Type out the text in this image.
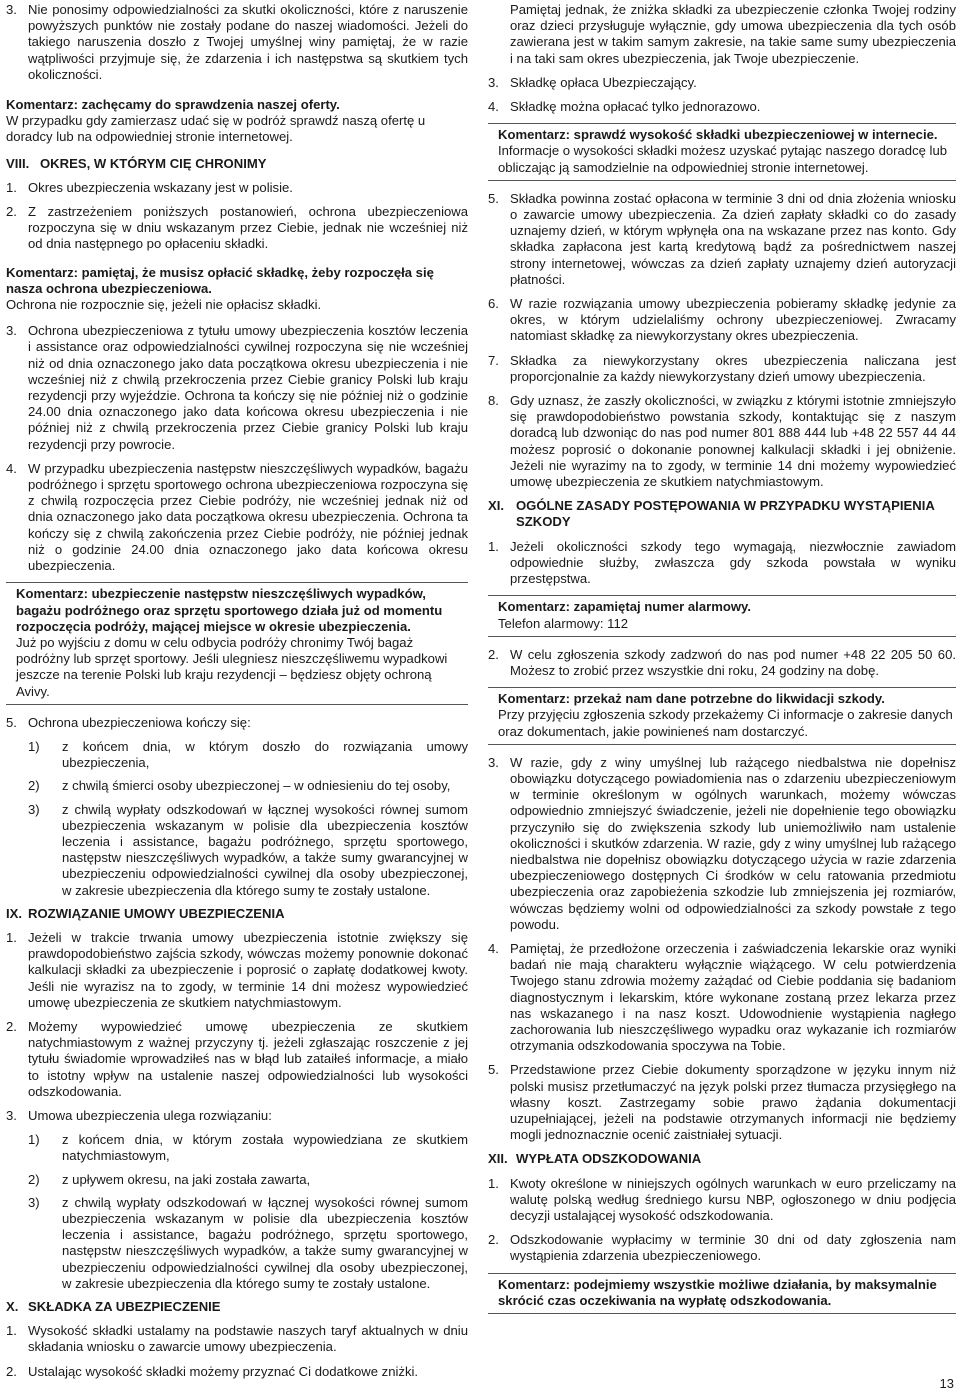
3. Nie ponosimy odpowiedzialności za skutki okoliczności, które z naruszenie powyższych punktów nie zostały podane do naszej wiadomości. Jeżeli do takiego naruszenia doszło z Twojej umyślnej winy pamiętaj, że w razie wątpliwości przyjmuje się, że zdarzenia i ich następstwa są skutkiem tych okoliczności.
Komentarz: zachęcamy do sprawdzenia naszej oferty.
W przypadku gdy zamierzasz udać się w podróż sprawdź naszą ofertę u doradcy lub na odpowiedniej stronie internetowej.
VIII. OKRES, W KTÓRYM CIĘ CHRONIMY
1. Okres ubezpieczenia wskazany jest w polisie.
2. Z zastrzeżeniem poniższych postanowień, ochrona ubezpieczeniowa rozpoczyna się w dniu wskazanym przez Ciebie, jednak nie wcześniej niż od dnia następnego po opłaceniu składki.
Komentarz: pamiętaj, że musisz opłacić składkę, żeby rozpoczęła się nasza ochrona ubezpieczeniowa.
Ochrona nie rozpocznie się, jeżeli nie opłacisz składki.
3. Ochrona ubezpieczeniowa z tytułu umowy ubezpieczenia kosztów leczenia i assistance oraz odpowiedzialności cywilnej rozpoczyna się nie wcześniej niż od dnia oznaczonego jako data początkowa okresu ubezpieczenia i nie wcześniej niż z chwilą przekroczenia przez Ciebie granicy Polski lub kraju rezydencji przy wyjeździe. Ochrona ta kończy się nie później niż o godzinie 24.00 dnia oznaczonego jako data końcowa okresu ubezpieczenia i nie później niż z chwilą przekroczenia przez Ciebie granicy Polski lub kraju rezydencji przy powrocie.
4. W przypadku ubezpieczenia następstw nieszczęśliwych wypadków, bagażu podróżnego i sprzętu sportowego ochrona ubezpieczeniowa rozpoczyna się z chwilą rozpoczęcia przez Ciebie podróży, nie wcześniej jednak niż od dnia oznaczonego jako data początkowa okresu ubezpieczenia. Ochrona ta kończy się z chwilą zakończenia przez Ciebie podróży, nie później jednak niż o godzinie 24.00 dnia oznaczonego jako data końcowa okresu ubezpieczenia.
Komentarz: ubezpieczenie następstw nieszczęśliwych wypadków, bagażu podróżnego oraz sprzętu sportowego działa już od momentu rozpoczęcia podróży, mającej miejsce w okresie ubezpieczenia.
Już po wyjściu z domu w celu odbycia podróży chronimy Twój bagaż podróżny lub sprzęt sportowy. Jeśli ulegniesz nieszczęśliwemu wypadkowi jeszcze na terenie Polski lub kraju rezydencji – będziesz objęty ochroną Avivy.
5. Ochrona ubezpieczeniowa kończy się:
1)	z końcem dnia, w którym doszło do rozwiązania umowy ubezpieczenia,
2)	z chwilą śmierci osoby ubezpieczonej – w odniesieniu do tej osoby,
3)	z chwilą wypłaty odszkodowań w łącznej wysokości równej sumom ubezpieczenia wskazanym w polisie dla ubezpieczenia kosztów leczenia i assistance, bagażu podróżnego, sprzętu sportowego, następstw nieszczęśliwych wypadków, a także sumy gwarancyjnej w ubezpieczeniu odpowiedzialności cywilnej dla osoby ubezpieczonej, w zakresie ubezpieczenia dla którego sumy te zostały ustalone.
IX. ROZWIĄZANIE UMOWY UBEZPIECZENIA
1. Jeżeli w trakcie trwania umowy ubezpieczenia istotnie zwiększy się prawdopodobieństwo zajścia szkody, wówczas możemy ponownie dokonać kalkulacji składki za ubezpieczenie i poprosić o zapłatę dodatkowej kwoty. Jeśli nie wyrazisz na to zgody, w terminie 14 dni możesz wypowiedzieć umowę ubezpieczenia ze skutkiem natychmiastowym.
2. Możemy wypowiedzieć umowę ubezpieczenia ze skutkiem natychmiastowym z ważnej przyczyny tj. jeżeli zgłaszając roszczenie z jej tytułu świadomie wprowadziłeś nas w błąd lub zataiłeś informacje, a miało to istotny wpływ na ustalenie naszej odpowiedzialności lub wysokości odszkodowania.
3. Umowa ubezpieczenia ulega rozwiązaniu:
1)	z końcem dnia, w którym została wypowiedziana ze skutkiem natychmiastowym,
2)	z upływem okresu, na jaki została zawarta,
3)	z chwilą wypłaty odszkodowań w łącznej wysokości równej sumom ubezpieczenia wskazanym w polisie dla ubezpieczenia kosztów leczenia i assistance, bagażu podróżnego, sprzętu sportowego, następstw nieszczęśliwych wypadków, a także sumy gwarancyjnej w ubezpieczeniu odpowiedzialności cywilnej dla osoby ubezpieczonej, w zakresie ubezpieczenia dla którego sumy te zostały ustalone.
X. SKŁADKA ZA UBEZPIECZENIE
1. Wysokość składki ustalamy na podstawie naszych taryf aktualnych w dniu składania wniosku o zawarcie umowy ubezpieczenia.
2. Ustalając wysokość składki możemy przyznać Ci dodatkowe zniżki.
Pamiętaj jednak, że zniżka składki za ubezpieczenie członka Twojej rodziny oraz dzieci przysługuje wyłącznie, gdy umowa ubezpieczenia dla tych osób zawierana jest w takim samym zakresie, na takie same sumy ubezpieczenia i na taki sam okres ubezpieczenia, jak Twoje ubezpieczenie.
3. Składkę opłaca Ubezpieczający.
4. Składkę można opłacać tylko jednorazowo.
Komentarz: sprawdź wysokość składki ubezpieczeniowej w internecie.
Informacje o wysokości składki możesz uzyskać pytając naszego doradcę lub obliczając ją samodzielnie na odpowiedniej stronie internetowej.
5. Składka powinna zostać opłacona w terminie 3 dni od dnia złożenia wniosku o zawarcie umowy ubezpieczenia. Za dzień zapłaty składki co do zasady uznajemy dzień, w którym wpłynęła ona na wskazane przez nas konto. Gdy składka zapłacona jest kartą kredytową bądź za pośrednictwem naszej strony internetowej, wówczas za dzień zapłaty uznajemy dzień autoryzacji płatności.
6. W razie rozwiązania umowy ubezpieczenia pobieramy składkę jedynie za okres, w którym udzielaliśmy ochrony ubezpieczeniowej. Zwracamy natomiast składkę za niewykorzystany okres ubezpieczenia.
7. Składka za niewykorzystany okres ubezpieczenia naliczana jest proporcjonalnie za każdy niewykorzystany dzień umowy ubezpieczenia.
8. Gdy uznasz, że zaszły okoliczności, w związku z którymi istotnie zmniejszyło się prawdopodobieństwo powstania szkody, kontaktując się z naszym doradcą lub dzwoniąc do nas pod numer 801 888 444 lub +48 22 557 44 44 możesz poprosić o dokonanie ponownej kalkulacji składki i jej obniżenie. Jeżeli nie wyrazimy na to zgody, w terminie 14 dni możemy wypowiedzieć umowę ubezpieczenia ze skutkiem natychmiastowym.
XI. OGÓLNE ZASADY POSTĘPOWANIA W PRZYPADKU WYSTĄPIENIA SZKODY
1. Jeżeli okoliczności szkody tego wymagają, niezwłocznie zawiadom odpowiednie służby, zwłaszcza gdy szkoda powstała w wyniku przestępstwa.
Komentarz: zapamiętaj numer alarmowy.
Telefon alarmowy: 112
2. W celu zgłoszenia szkody zadzwoń do nas pod numer +48 22 205 50 60. Możesz to zrobić przez wszystkie dni roku, 24 godziny na dobę.
Komentarz: przekaż nam dane potrzebne do likwidacji szkody.
Przy przyjęciu zgłoszenia szkody przekażemy Ci informacje o zakresie danych oraz dokumentach, jakie powinieneś nam dostarczyć.
3. W razie, gdy z winy umyślnej lub rażącego niedbalstwa nie dopełnisz obowiązku dotyczącego powiadomienia nas o zdarzeniu ubezpieczeniowym w terminie określonym w ogólnych warunkach, możemy wówczas odpowiednio zmniejszyć świadczenie, jeżeli nie dopełnienie tego obowiązku przyczyniło się do zwiększenia szkody lub uniemożliwiło nam ustalenie okoliczności i skutków zdarzenia. W razie, gdy z winy umyślnej lub rażącego niedbalstwa nie dopełnisz obowiązku dotyczącego użycia w razie zdarzenia ubezpieczeniowego dostępnych Ci środków w celu ratowania przedmiotu ubezpieczenia oraz zapobieżenia szkodzie lub zmniejszenia jej rozmiarów, wówczas będziemy wolni od odpowiedzialności za szkody powstałe z tego powodu.
4. Pamiętaj, że przedłożone orzeczenia i zaświadczenia lekarskie oraz wyniki badań nie mają charakteru wyłącznie wiążącego. W celu potwierdzenia Twojego stanu zdrowia możemy zażądać od Ciebie poddania się badaniom diagnostycznym i lekarskim, które wykonane zostaną przez lekarza przez nas wskazanego i na nasz koszt. Udowodnienie wystąpienia nagłego zachorowania lub nieszczęśliwego wypadku oraz wykazanie ich rozmiarów otrzymania odszkodowania spoczywa na Tobie.
5. Przedstawione przez Ciebie dokumenty sporządzone w języku innym niż polski musisz przetłumaczyć na język polski przez tłumacza przysięgłego na własny koszt. Zastrzegamy sobie prawo żądania dokumentacji uzupełniającej, jeżeli na podstawie otrzymanych informacji nie będziemy mogli jednoznacznie ocenić zaistniałej sytuacji.
XII. WYPŁATA ODSZKODOWANIA
1. Kwoty określone w niniejszych ogólnych warunkach w euro przeliczamy na walutę polską według średniego kursu NBP, ogłoszonego w dniu podjęcia decyzji ustalającej wysokość odszkodowania.
2. Odszkodowanie wypłacimy w terminie 30 dni od daty zgłoszenia nam wystąpienia zdarzenia ubezpieczeniowego.
Komentarz: podejmiemy wszystkie możliwe działania, by maksymalnie skrócić czas oczekiwania na wypłatę odszkodowania.
13
